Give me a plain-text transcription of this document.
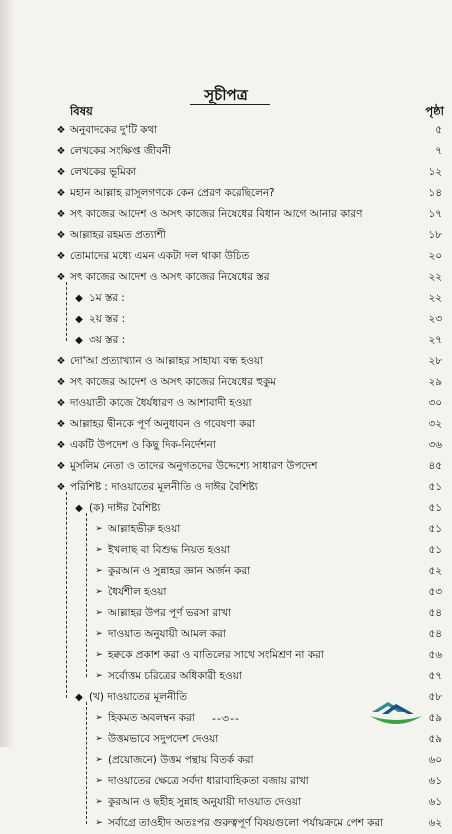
সূচীপত্র
বিষয়	পৃষ্ঠা
❖ অনুবাদকের দু'টি কথা	৫
❖ লেখকের সংক্ষিপ্ত জীবনী	৭
❖ লেখকের ভূমিকা	১২
❖ মহান আল্লাহ রাসূলগণকে কেন প্রেরণ করেছিলেন?	১৪
❖ সৎ কাজের আদেশ ও অসৎ কাজের নিষেধের বিধান আগে আনার কারণ	১৭
❖ আল্লাহর রহমত প্রত্যাশী	১৮
❖ তোমাদের মধ্যে এমন একটা দল থাকা উচিত	২০
❖ সৎ কাজের আদেশ ও অসৎ কাজের নিষেধের স্তর	২২
◆ ১ম স্তর :	২২
◆ ২য় স্তর :	২৩
◆ ৩য় স্তর :	২৭
❖ দো'আ প্রত্যাখ্যান ও আল্লাহর সাহায্য বন্ধ হওয়া	২৮
❖ সৎ কাজের আদেশ ও অসৎ কাজের নিষেধের হুকুম	২৯
❖ দাওয়াতী কাজে ধৈর্যধারণ ও আশাবাদী হওয়া	৩০
❖ আল্লাহর দ্বীনকে পূর্ণ অনুধাবন ও গবেষণা করা	৩২
❖ একটি উপদেশ ও কিছু দিক-নির্দেশনা	৩৬
❖ মুসলিম নেতা ও তাদের অনুগতদের উদ্দেশ্যে সাধারণ উপদেশ	৪৫
❖ পরিশিষ্ট : দাওয়াতের মূলনীতি ও দাঈর বৈশিষ্ট্য	৫১
◆ (ক) দাঈর বৈশিষ্ট্য	৫১
➢ আল্লাহভীরু হওয়া	৫১
➢ ইখলাছ বা বিশুদ্ধ নিয়ত হওয়া	৫১
➢ কুরআন ও সুন্নাহর জ্ঞান অর্জন করা	৫২
➢ ধৈর্যশীল হওয়া	৫৩
➢ আল্লাহর উপর পূর্ণ ভরসা রাখা	৫৪
➢ দাওয়াত অনুযায়ী আমল করা	৫৪
➢ হক্বকে প্রকাশ করা ও বাতিলের সাথে সংমিশ্রণ না করা	৫৬
➢ সর্বোত্তম চরিত্রের অধিকারী হওয়া	৫৭
◆ (খ) দাওয়াতের মূলনীতি	৫৮
➢ হিকমত অবলম্বন করা	৫৯
➢ উত্তমভাবে সদুপদেশ দেওয়া	৫৯
➢ (প্রয়োজনে) উত্তম পন্থায় বিতর্ক করা	৬০
➢ দাওয়াতের ক্ষেত্রে সর্বদা ধারাবাহিকতা বজায় রাখা	৬১
➢ কুরআন ও ছহীহ সুন্নাহ অনুযায়ী দাওয়াত দেওয়া	৬১
➢ সর্বাগ্রে তাওহীদ অতঃপর গুরুত্বপূর্ণ বিষয়গুলো পর্যায়ক্রমে পেশ করা	৬২
--৩--
